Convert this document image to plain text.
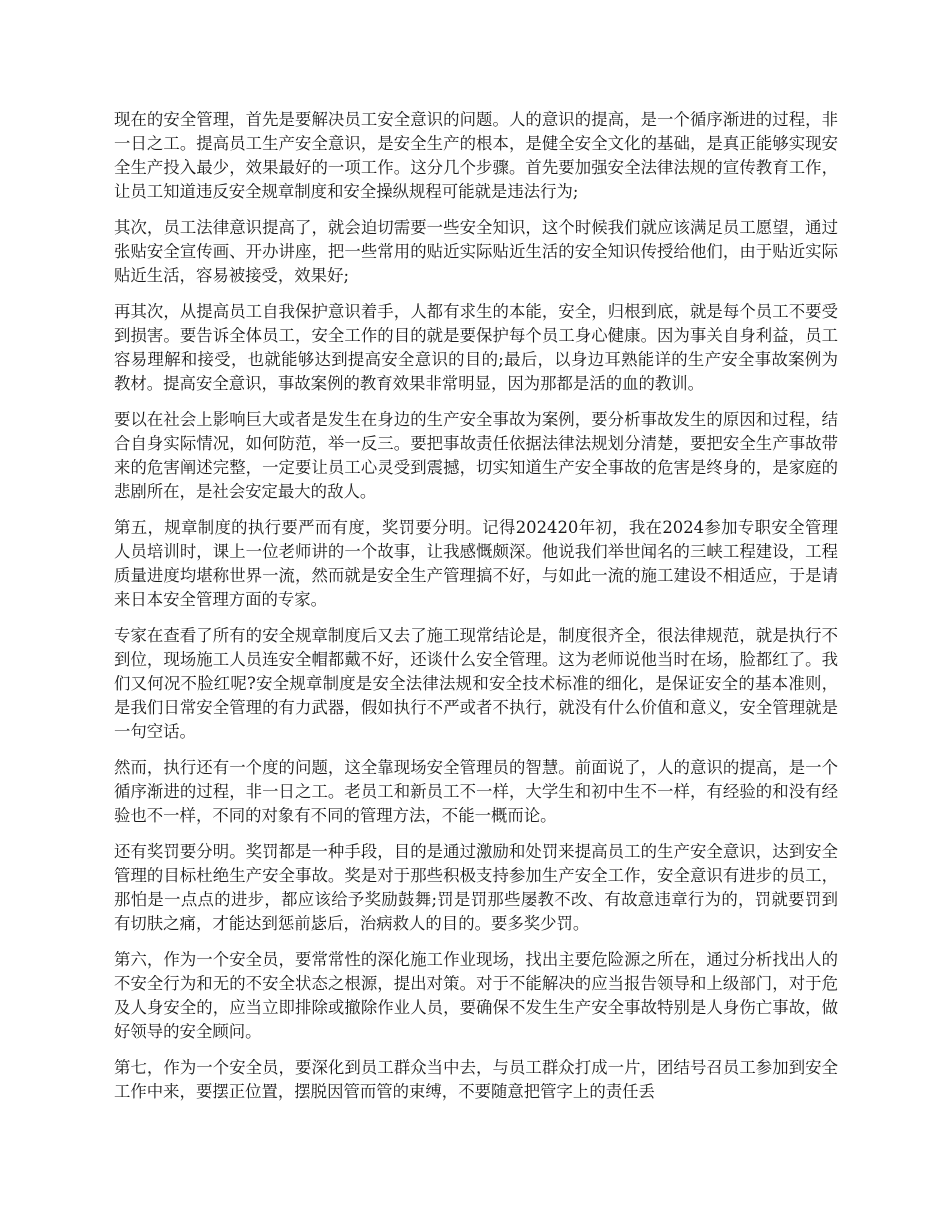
现在的安全管理，首先是要解决员工安全意识的问题。人的意识的提高，是一个循序渐进的过程，非一日之工。提高员工生产安全意识，是安全生产的根本，是健全安全文化的基础，是真正能够实现安全生产投入最少，效果最好的一项工作。这分几个步骤。首先要加强安全法律法规的宣传教育工作，让员工知道违反安全规章制度和安全操纵规程可能就是违法行为;

其次，员工法律意识提高了，就会迫切需要一些安全知识，这个时候我们就应该满足员工愿望，通过张贴安全宣传画、开办讲座，把一些常用的贴近实际贴近生活的安全知识传授给他们，由于贴近实际贴近生活，容易被接受，效果好;

再其次，从提高员工自我保护意识着手，人都有求生的本能，安全，归根到底，就是每个员工不要受到损害。要告诉全体员工，安全工作的目的就是要保护每个员工身心健康。因为事关自身利益，员工容易理解和接受，也就能够达到提高安全意识的目的;最后，以身边耳熟能详的生产安全事故案例为教材。提高安全意识，事故案例的教育效果非常明显，因为那都是活的血的教训。

要以在社会上影响巨大或者是发生在身边的生产安全事故为案例，要分析事故发生的原因和过程，结合自身实际情况，如何防范，举一反三。要把事故责任依据法律法规划分清楚，要把安全生产事故带来的危害阐述完整，一定要让员工心灵受到震撼，切实知道生产安全事故的危害是终身的，是家庭的悲剧所在，是社会安定最大的敌人。

第五，规章制度的执行要严而有度，奖罚要分明。记得202420年初，我在2024参加专职安全管理人员培训时，课上一位老师讲的一个故事，让我感慨颇深。他说我们举世闻名的三峡工程建设，工程质量进度均堪称世界一流，然而就是安全生产管理搞不好，与如此一流的施工建设不相适应，于是请来日本安全管理方面的专家。

专家在查看了所有的安全规章制度后又去了施工现常结论是，制度很齐全，很法律规范，就是执行不到位，现场施工人员连安全帽都戴不好，还谈什么安全管理。这为老师说他当时在场，脸都红了。我们又何况不脸红呢?安全规章制度是安全法律法规和安全技术标准的细化，是保证安全的基本准则，是我们日常安全管理的有力武器，假如执行不严或者不执行，就没有什么价值和意义，安全管理就是一句空话。

然而，执行还有一个度的问题，这全靠现场安全管理员的智慧。前面说了，人的意识的提高，是一个循序渐进的过程，非一日之工。老员工和新员工不一样，大学生和初中生不一样，有经验的和没有经验也不一样，不同的对象有不同的管理方法，不能一概而论。

还有奖罚要分明。奖罚都是一种手段，目的是通过激励和处罚来提高员工的生产安全意识，达到安全管理的目标杜绝生产安全事故。奖是对于那些积极支持参加生产安全工作，安全意识有进步的员工，那怕是一点点的进步，都应该给予奖励鼓舞;罚是罚那些屡教不改、有故意违章行为的，罚就要罚到有切肤之痛，才能达到惩前毖后，治病救人的目的。要多奖少罚。

第六，作为一个安全员，要常常性的深化施工作业现场，找出主要危险源之所在，通过分析找出人的不安全行为和无的不安全状态之根源，提出对策。对于不能解决的应当报告领导和上级部门，对于危及人身安全的，应当立即排除或撤除作业人员，要确保不发生生产安全事故特别是人身伤亡事故，做好领导的安全顾问。

第七，作为一个安全员，要深化到员工群众当中去，与员工群众打成一片，团结号召员工参加到安全工作中来，要摆正位置，摆脱因管而管的束缚，不要随意把管字上的责任丢
